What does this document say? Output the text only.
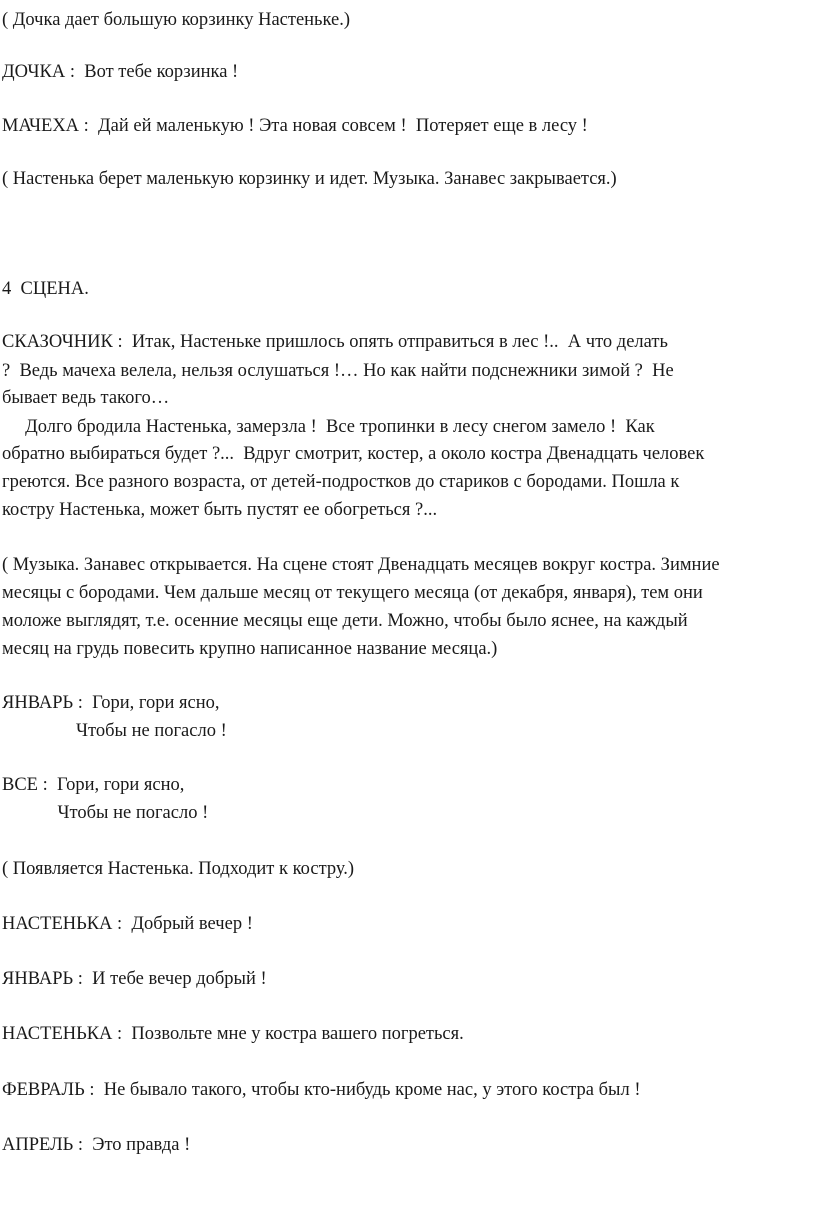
( Дочка дает большую корзинку Настеньке.)
ДОЧКА :  Вот тебе корзинка !
МАЧЕХА :  Дай ей маленькую ! Эта новая совсем !  Потеряет еще в лесу !
( Настенька берет маленькую корзинку и идет. Музыка. Занавес закрывается.)
4  СЦЕНА.
СКАЗОЧНИК :  Итак, Настеньке пришлось опять отправиться в лес !..  А что делать
?  Ведь мачеха велела, нельзя ослушаться !… Но как найти подснежники зимой ?  Не
бывает ведь такого…
Долго бродила Настенька, замерзла !  Все тропинки в лесу снегом замело !  Как
обратно выбираться будет ?...  Вдруг смотрит, костер, а около костра Двенадцать человек
греются. Все разного возраста, от детей-подростков до стариков с бородами. Пошла к
костру Настенька, может быть пустят ее обогреться ?...
( Музыка. Занавес открывается. На сцене стоят Двенадцать месяцев вокруг костра. Зимние
месяцы с бородами. Чем дальше месяц от текущего месяца (от декабря, января), тем они
моложе выглядят, т.е. осенние месяцы еще дети. Можно, чтобы было яснее, на каждый
месяц на грудь повесить крупно написанное название месяца.)
ЯНВАРЬ :  Гори, гори ясно,
Чтобы не погасло !
ВСЕ :  Гори, гори ясно,
Чтобы не погасло !
( Появляется Настенька. Подходит к костру.)
НАСТЕНЬКА :  Добрый вечер !
ЯНВАРЬ :  И тебе вечер добрый !
НАСТЕНЬКА :  Позвольте мне у костра вашего погреться.
ФЕВРАЛЬ :  Не бывало такого, чтобы кто-нибудь кроме нас, у этого костра был !
АПРЕЛЬ :  Это правда !
